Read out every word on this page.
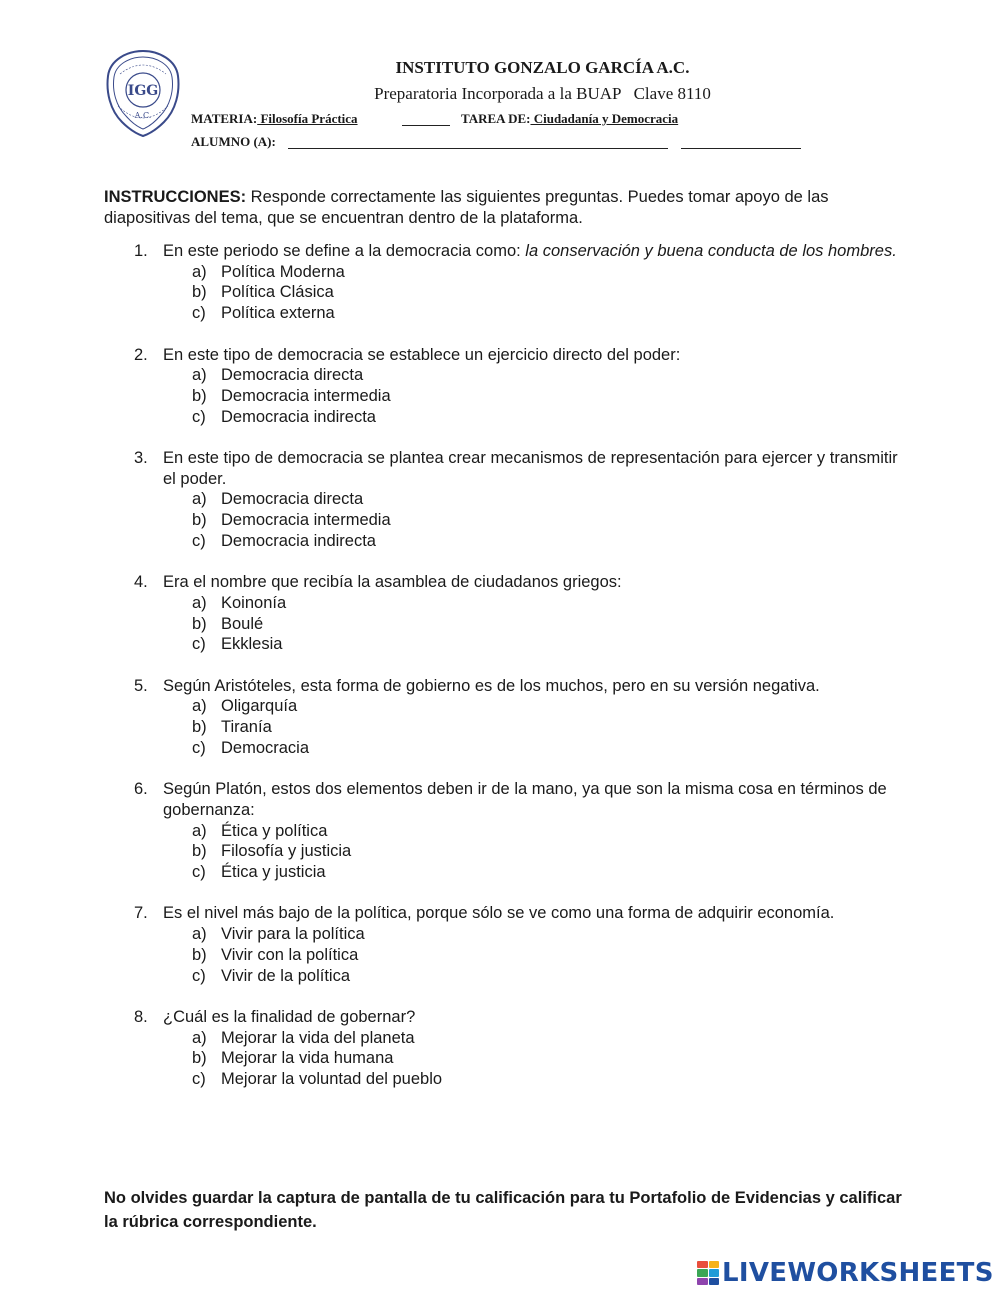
IGG
A.C.
INSTITUTO GONZALO GARCÍA A.C.
Preparatoria Incorporada a la BUAP   Clave 8110
MATERIA: Filosofía Práctica	TAREA DE: Ciudadanía y Democracia
ALUMNO (A):
INSTRUCCIONES: Responde correctamente las siguientes preguntas. Puedes tomar apoyo de las diapositivas del tema, que se encuentran dentro de la plataforma.
1. En este periodo se define a la democracia como: la conservación y buena conducta de los hombres.
a) Política Moderna
b) Política Clásica
c) Política externa
2. En este tipo de democracia se establece un ejercicio directo del poder:
a) Democracia directa
b) Democracia intermedia
c) Democracia indirecta
3. En este tipo de democracia se plantea crear mecanismos de representación para ejercer y transmitir el poder.
a) Democracia directa
b) Democracia intermedia
c) Democracia indirecta
4. Era el nombre que recibía la asamblea de ciudadanos griegos:
a) Koinonía
b) Boulé
c) Ekklesia
5. Según Aristóteles, esta forma de gobierno es de los muchos, pero en su versión negativa.
a) Oligarquía
b) Tiranía
c) Democracia
6. Según Platón, estos dos elementos deben ir de la mano, ya que son la misma cosa en términos de gobernanza:
a) Ética y política
b) Filosofía y justicia
c) Ética y justicia
7. Es el nivel más bajo de la política, porque sólo se ve como una forma de adquirir economía.
a) Vivir para la política
b) Vivir con la política
c) Vivir de la política
8. ¿Cuál es la finalidad de gobernar?
a) Mejorar la vida del planeta
b) Mejorar la vida humana
c) Mejorar la voluntad del pueblo
No olvides guardar la captura de pantalla de tu calificación para tu Portafolio de Evidencias y calificar la rúbrica correspondiente.
LIVEWORKSHEETS
